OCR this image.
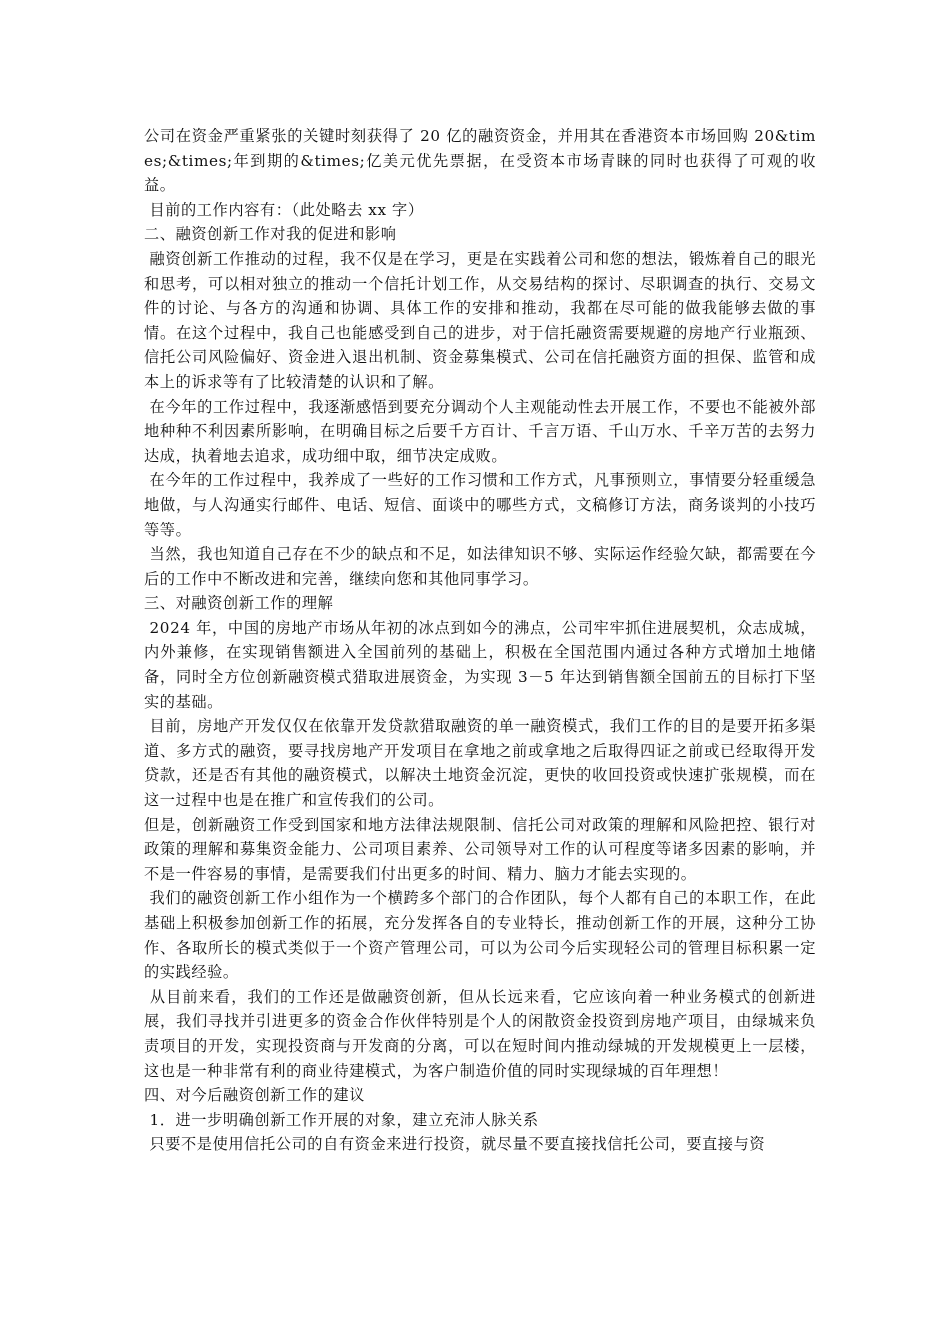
公司在资金严重紧张的关键时刻获得了 20 亿的融资资金，并用其在香港资本市场回购 20&times;&times;年到期的&times;亿美元优先票据，在受资本市场青睐的同时也获得了可观的收益。

目前的工作内容有：（此处略去 xx 字）

二、融资创新工作对我的促进和影响

融资创新工作推动的过程，我不仅是在学习，更是在实践着公司和您的想法，锻炼着自己的眼光和思考，可以相对独立的推动一个信托计划工作，从交易结构的探讨、尽职调查的执行、交易文件的讨论、与各方的沟通和协调、具体工作的安排和推动，我都在尽可能的做我能够去做的事情。在这个过程中，我自己也能感受到自己的进步，对于信托融资需要规避的房地产行业瓶颈、信托公司风险偏好、资金进入退出机制、资金募集模式、公司在信托融资方面的担保、监管和成本上的诉求等有了比较清楚的认识和了解。

在今年的工作过程中，我逐渐感悟到要充分调动个人主观能动性去开展工作，不要也不能被外部地种种不利因素所影响，在明确目标之后要千方百计、千言万语、千山万水、千辛万苦的去努力达成，执着地去追求，成功细中取，细节决定成败。

在今年的工作过程中，我养成了一些好的工作习惯和工作方式，凡事预则立，事情要分轻重缓急地做，与人沟通实行邮件、电话、短信、面谈中的哪些方式，文稿修订方法，商务谈判的小技巧等等。

当然，我也知道自己存在不少的缺点和不足，如法律知识不够、实际运作经验欠缺，都需要在今后的工作中不断改进和完善，继续向您和其他同事学习。

三、对融资创新工作的理解

2024 年，中国的房地产市场从年初的冰点到如今的沸点，公司牢牢抓住进展契机，众志成城，内外兼修，在实现销售额进入全国前列的基础上，积极在全国范围内通过各种方式增加土地储备，同时全方位创新融资模式猎取进展资金，为实现 3－5 年达到销售额全国前五的目标打下坚实的基础。

目前，房地产开发仅仅在依靠开发贷款猎取融资的单一融资模式，我们工作的目的是要开拓多渠道、多方式的融资，要寻找房地产开发项目在拿地之前或拿地之后取得四证之前或已经取得开发贷款，还是否有其他的融资模式，以解决土地资金沉淀，更快的收回投资或快速扩张规模，而在这一过程中也是在推广和宣传我们的公司。

但是，创新融资工作受到国家和地方法律法规限制、信托公司对政策的理解和风险把控、银行对政策的理解和募集资金能力、公司项目素养、公司领导对工作的认可程度等诸多因素的影响，并不是一件容易的事情，是需要我们付出更多的时间、精力、脑力才能去实现的。

我们的融资创新工作小组作为一个横跨多个部门的合作团队，每个人都有自己的本职工作，在此基础上积极参加创新工作的拓展，充分发挥各自的专业特长，推动创新工作的开展，这种分工协作、各取所长的模式类似于一个资产管理公司，可以为公司今后实现轻公司的管理目标积累一定的实践经验。

从目前来看，我们的工作还是做融资创新，但从长远来看，它应该向着一种业务模式的创新进展，我们寻找并引进更多的资金合作伙伴特别是个人的闲散资金投资到房地产项目，由绿城来负责项目的开发，实现投资商与开发商的分离，可以在短时间内推动绿城的开发规模更上一层楼，这也是一种非常有利的商业待建模式，为客户制造价值的同时实现绿城的百年理想！

四、对今后融资创新工作的建议

1．进一步明确创新工作开展的对象，建立充沛人脉关系

只要不是使用信托公司的自有资金来进行投资，就尽量不要直接找信托公司，要直接与资
